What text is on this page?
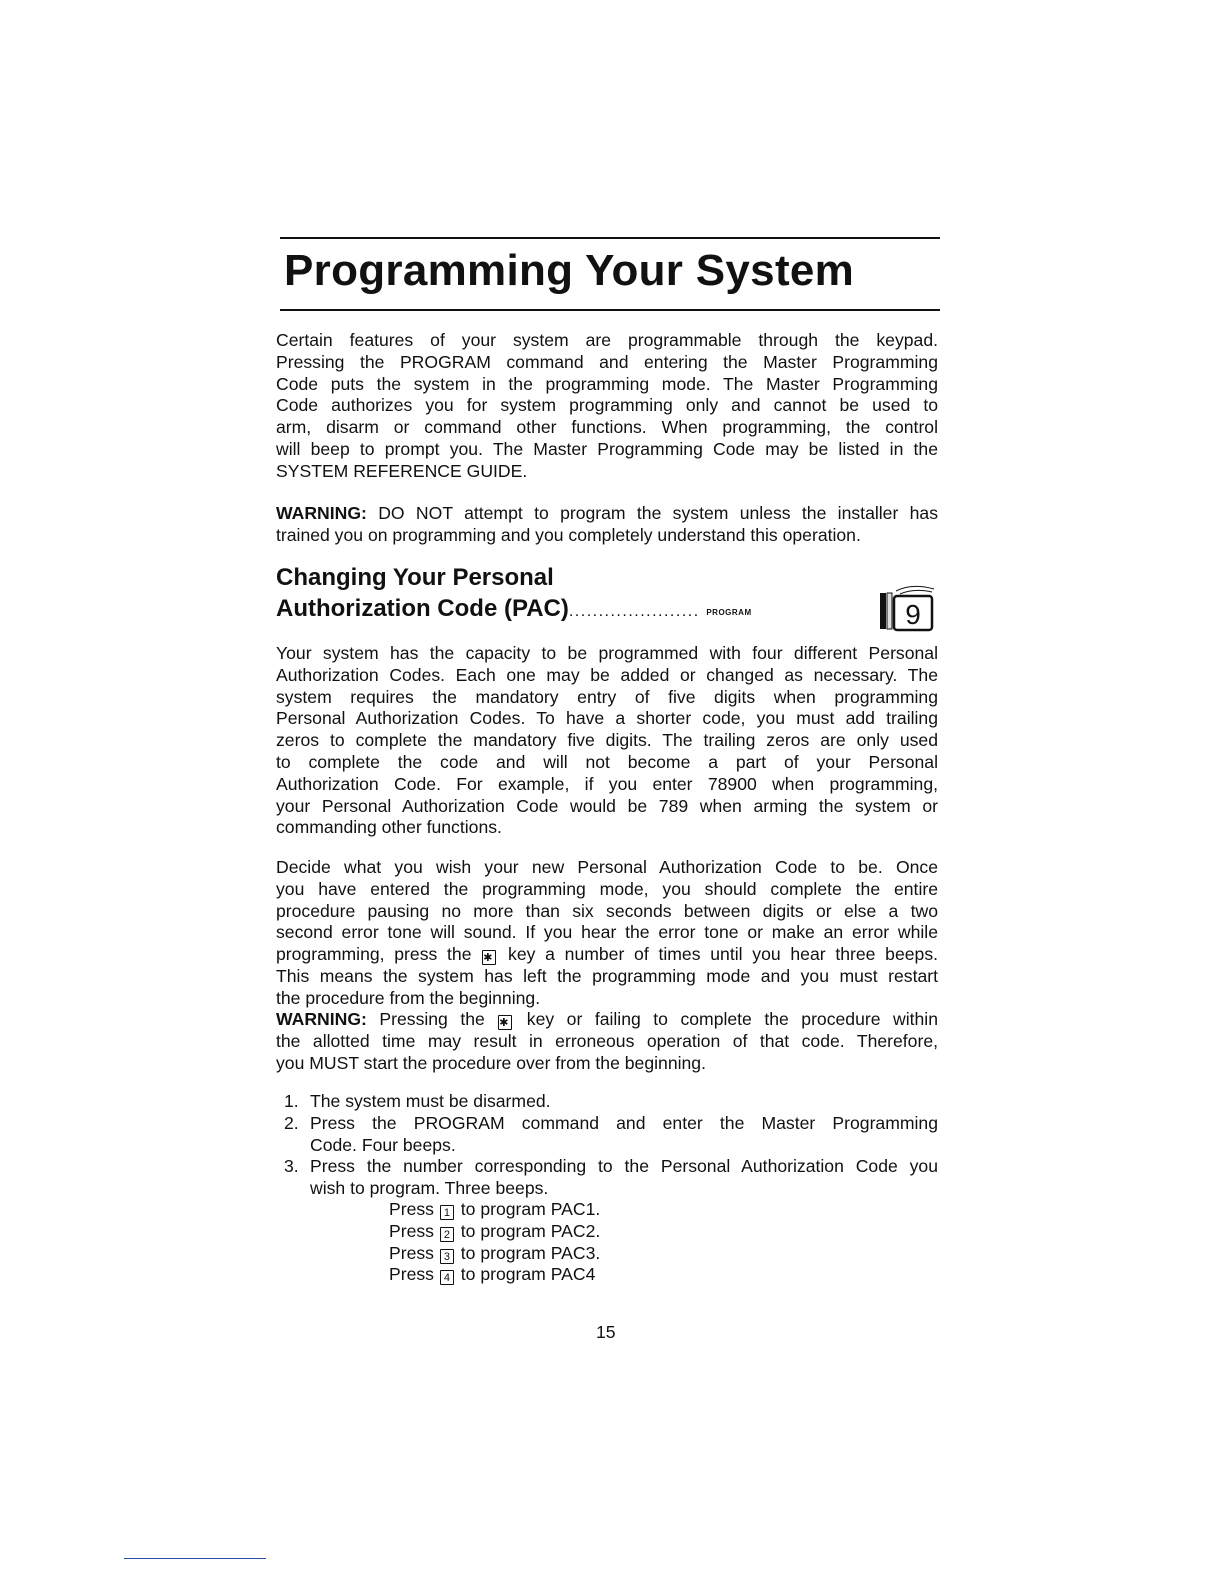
Programming Your System
Certain features of your system are programmable through the keypad.
Pressing the PROGRAM command and entering the Master Programming
Code puts the system in the programming mode. The Master Programming
Code authorizes you for system programming only and cannot be used to
arm, disarm or command other functions. When programming, the control
will beep to prompt you. The Master Programming Code may be listed in the
SYSTEM REFERENCE GUIDE.
WARNING: DO NOT attempt to program the system unless the installer has
trained you on programming and you completely understand this operation.
Changing Your Personal
Authorization Code (PAC)...................... PROGRAM	9
Your system has the capacity to be programmed with four different Personal
Authorization Codes. Each one may be added or changed as necessary. The
system requires the mandatory entry of five digits when programming
Personal Authorization Codes. To have a shorter code, you must add trailing
zeros to complete the mandatory five digits. The trailing zeros are only used
to complete the code and will not become a part of your Personal
Authorization Code. For example, if you enter 78900 when programming,
your Personal Authorization Code would be 789 when arming the system or
commanding other functions.
Decide what you wish your new Personal Authorization Code to be. Once
you have entered the programming mode, you should complete the entire
procedure pausing no more than six seconds between digits or else a two
second error tone will sound. If you hear the error tone or make an error while
programming, press the ✱ key a number of times until you hear three beeps.
This means the system has left the programming mode and you must restart
the procedure from the beginning.
WARNING: Pressing the ✱ key or failing to complete the procedure within
the allotted time may result in erroneous operation of that code. Therefore,
you MUST start the procedure over from the beginning.
1. The system must be disarmed.
2. Press the PROGRAM command and enter the Master Programming
Code. Four beeps.
3. Press the number corresponding to the Personal Authorization Code you
wish to program. Three beeps.
Press 1 to program PAC1.
Press 2 to program PAC2.
Press 3 to program PAC3.
Press 4 to program PAC4

15
